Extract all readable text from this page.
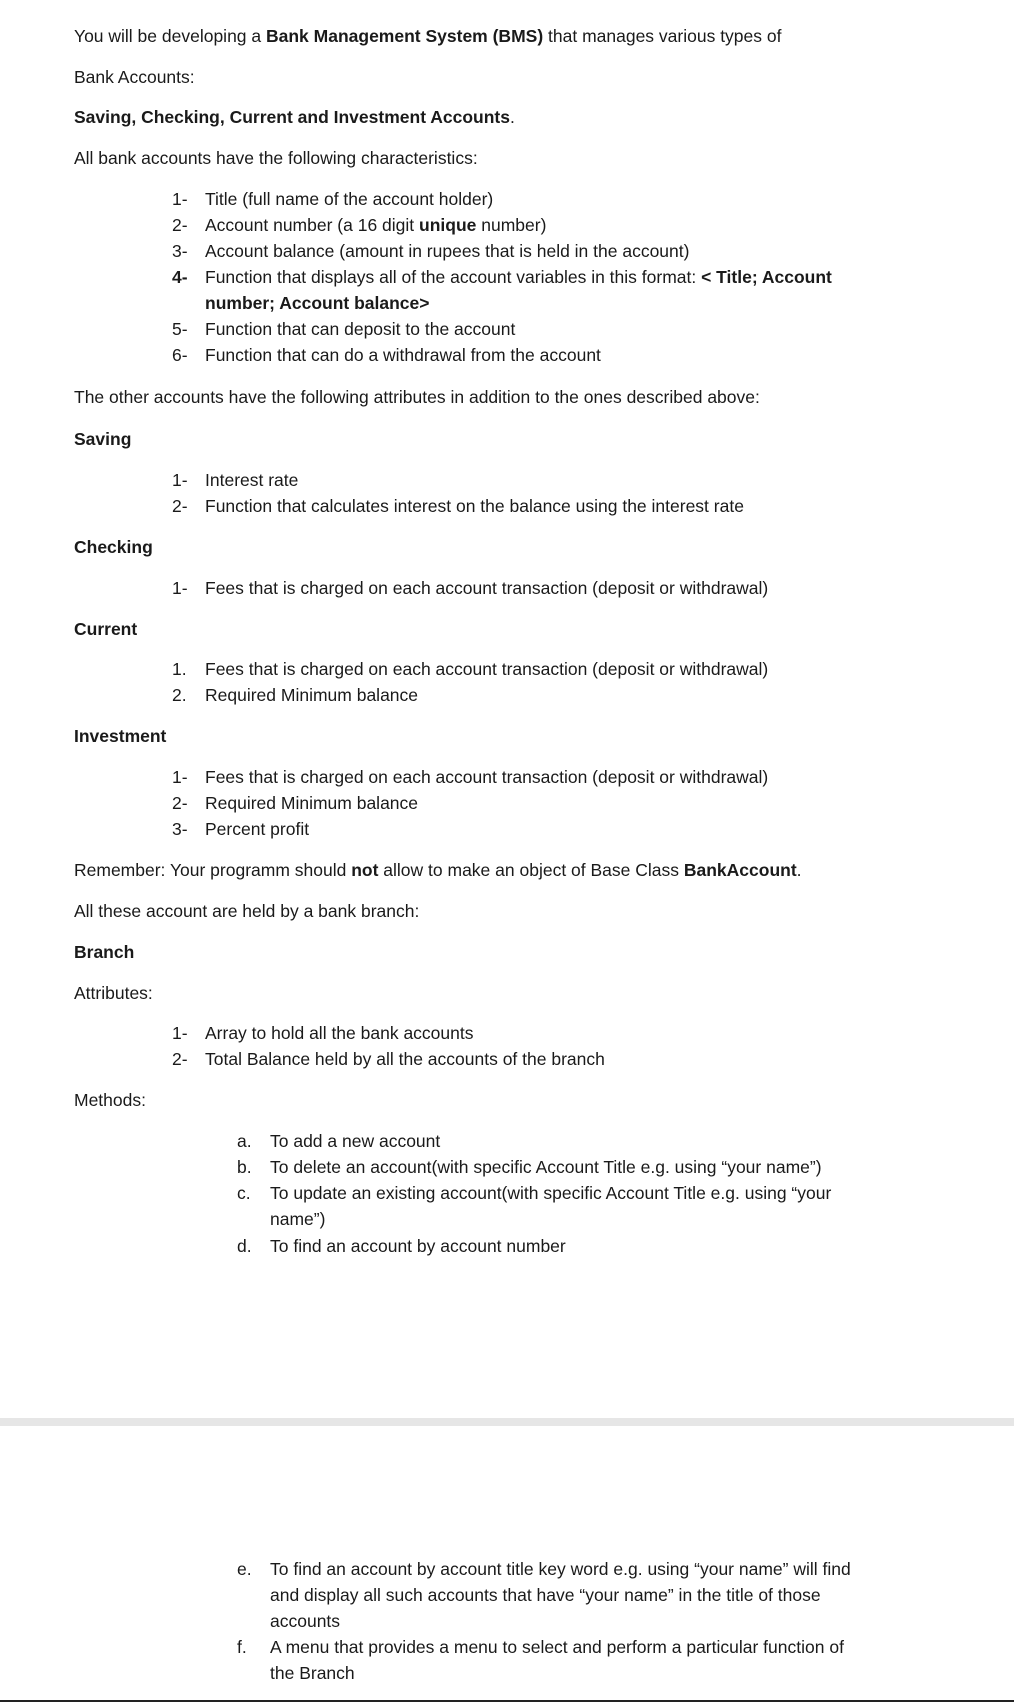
You will be developing a Bank Management System (BMS) that manages various types of
Bank Accounts:
Saving, Checking, Current and Investment Accounts.
All bank accounts have the following characteristics:
1- Title (full name of the account holder)
2- Account number (a 16 digit unique number)
3- Account balance (amount in rupees that is held in the account)
4- Function that displays all of the account variables in this format: < Title; Account
number; Account balance>
5- Function that can deposit to the account
6- Function that can do a withdrawal from the account
The other accounts have the following attributes in addition to the ones described above:
Saving
1- Interest rate
2- Function that calculates interest on the balance using the interest rate
Checking
1- Fees that is charged on each account transaction (deposit or withdrawal)
Current
1. Fees that is charged on each account transaction (deposit or withdrawal)
2. Required Minimum balance
Investment
1- Fees that is charged on each account transaction (deposit or withdrawal)
2- Required Minimum balance
3- Percent profit
Remember: Your programm should not allow to make an object of Base Class BankAccount.
All these account are held by a bank branch:
Branch
Attributes:
1- Array to hold all the bank accounts
2- Total Balance held by all the accounts of the branch
Methods:
a. To add a new account
b. To delete an account(with specific Account Title e.g. using “your name”)
c. To update an existing account(with specific Account Title e.g. using “your
name”)
d. To find an account by account number
e. To find an account by account title key word e.g. using “your name” will find
and display all such accounts that have “your name” in the title of those
accounts
f. A menu that provides a menu to select and perform a particular function of
the Branch
